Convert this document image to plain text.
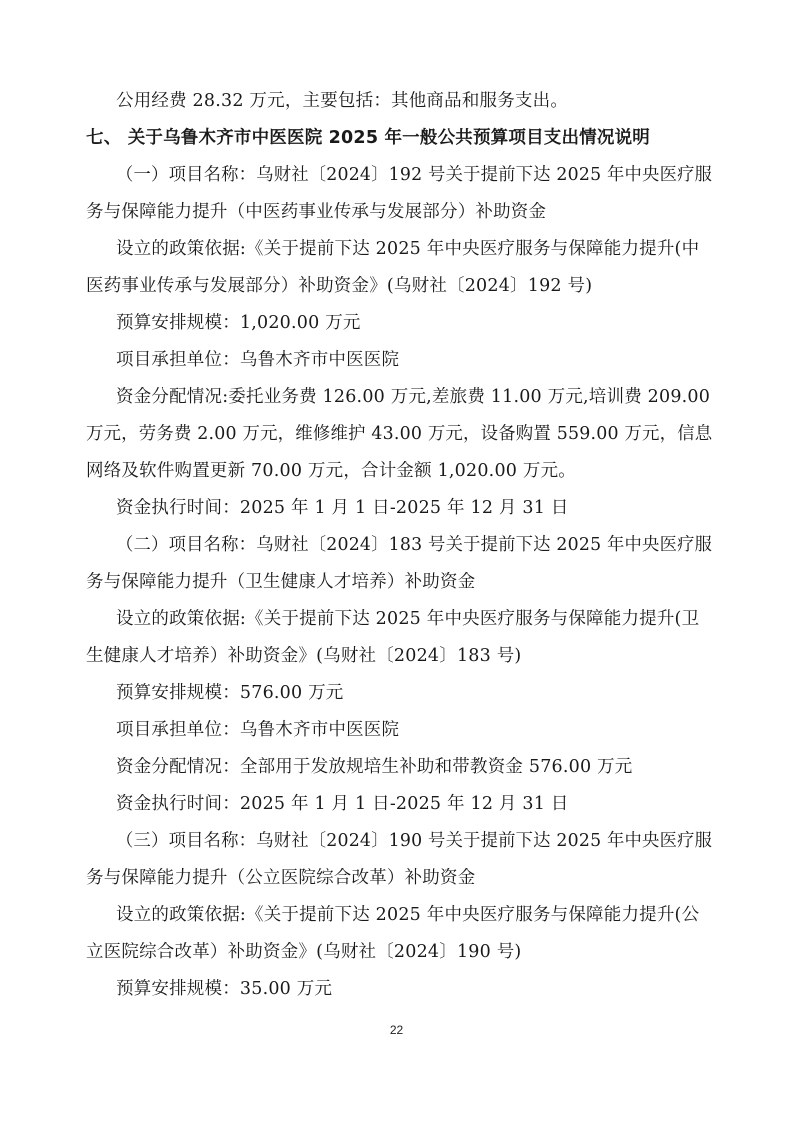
公用经费 28.32 万元，主要包括：其他商品和服务支出。
七、 关于乌鲁木齐市中医医院 2025 年一般公共预算项目支出情况说明
（一）项目名称：乌财社〔2024〕192 号关于提前下达 2025 年中央医疗服
务与保障能力提升（中医药事业传承与发展部分）补助资金
设立的政策依据:《关于提前下达 2025 年中央医疗服务与保障能力提升(中
医药事业传承与发展部分）补助资金》(乌财社〔2024〕192 号)
预算安排规模：1,020.00 万元
项目承担单位：乌鲁木齐市中医医院
资金分配情况:委托业务费 126.00 万元,差旅费 11.00 万元,培训费 209.00
万元，劳务费 2.00 万元，维修维护 43.00 万元，设备购置 559.00 万元，信息
网络及软件购置更新 70.00 万元，合计金额 1,020.00 万元。
资金执行时间：2025 年 1 月 1 日-2025 年 12 月 31 日
（二）项目名称：乌财社〔2024〕183 号关于提前下达 2025 年中央医疗服
务与保障能力提升（卫生健康人才培养）补助资金
设立的政策依据:《关于提前下达 2025 年中央医疗服务与保障能力提升(卫
生健康人才培养）补助资金》(乌财社〔2024〕183 号)
预算安排规模：576.00 万元
项目承担单位：乌鲁木齐市中医医院
资金分配情况：全部用于发放规培生补助和带教资金 576.00 万元
资金执行时间：2025 年 1 月 1 日-2025 年 12 月 31 日
（三）项目名称：乌财社〔2024〕190 号关于提前下达 2025 年中央医疗服
务与保障能力提升（公立医院综合改革）补助资金
设立的政策依据:《关于提前下达 2025 年中央医疗服务与保障能力提升(公
立医院综合改革）补助资金》(乌财社〔2024〕190 号)
预算安排规模：35.00 万元
22
